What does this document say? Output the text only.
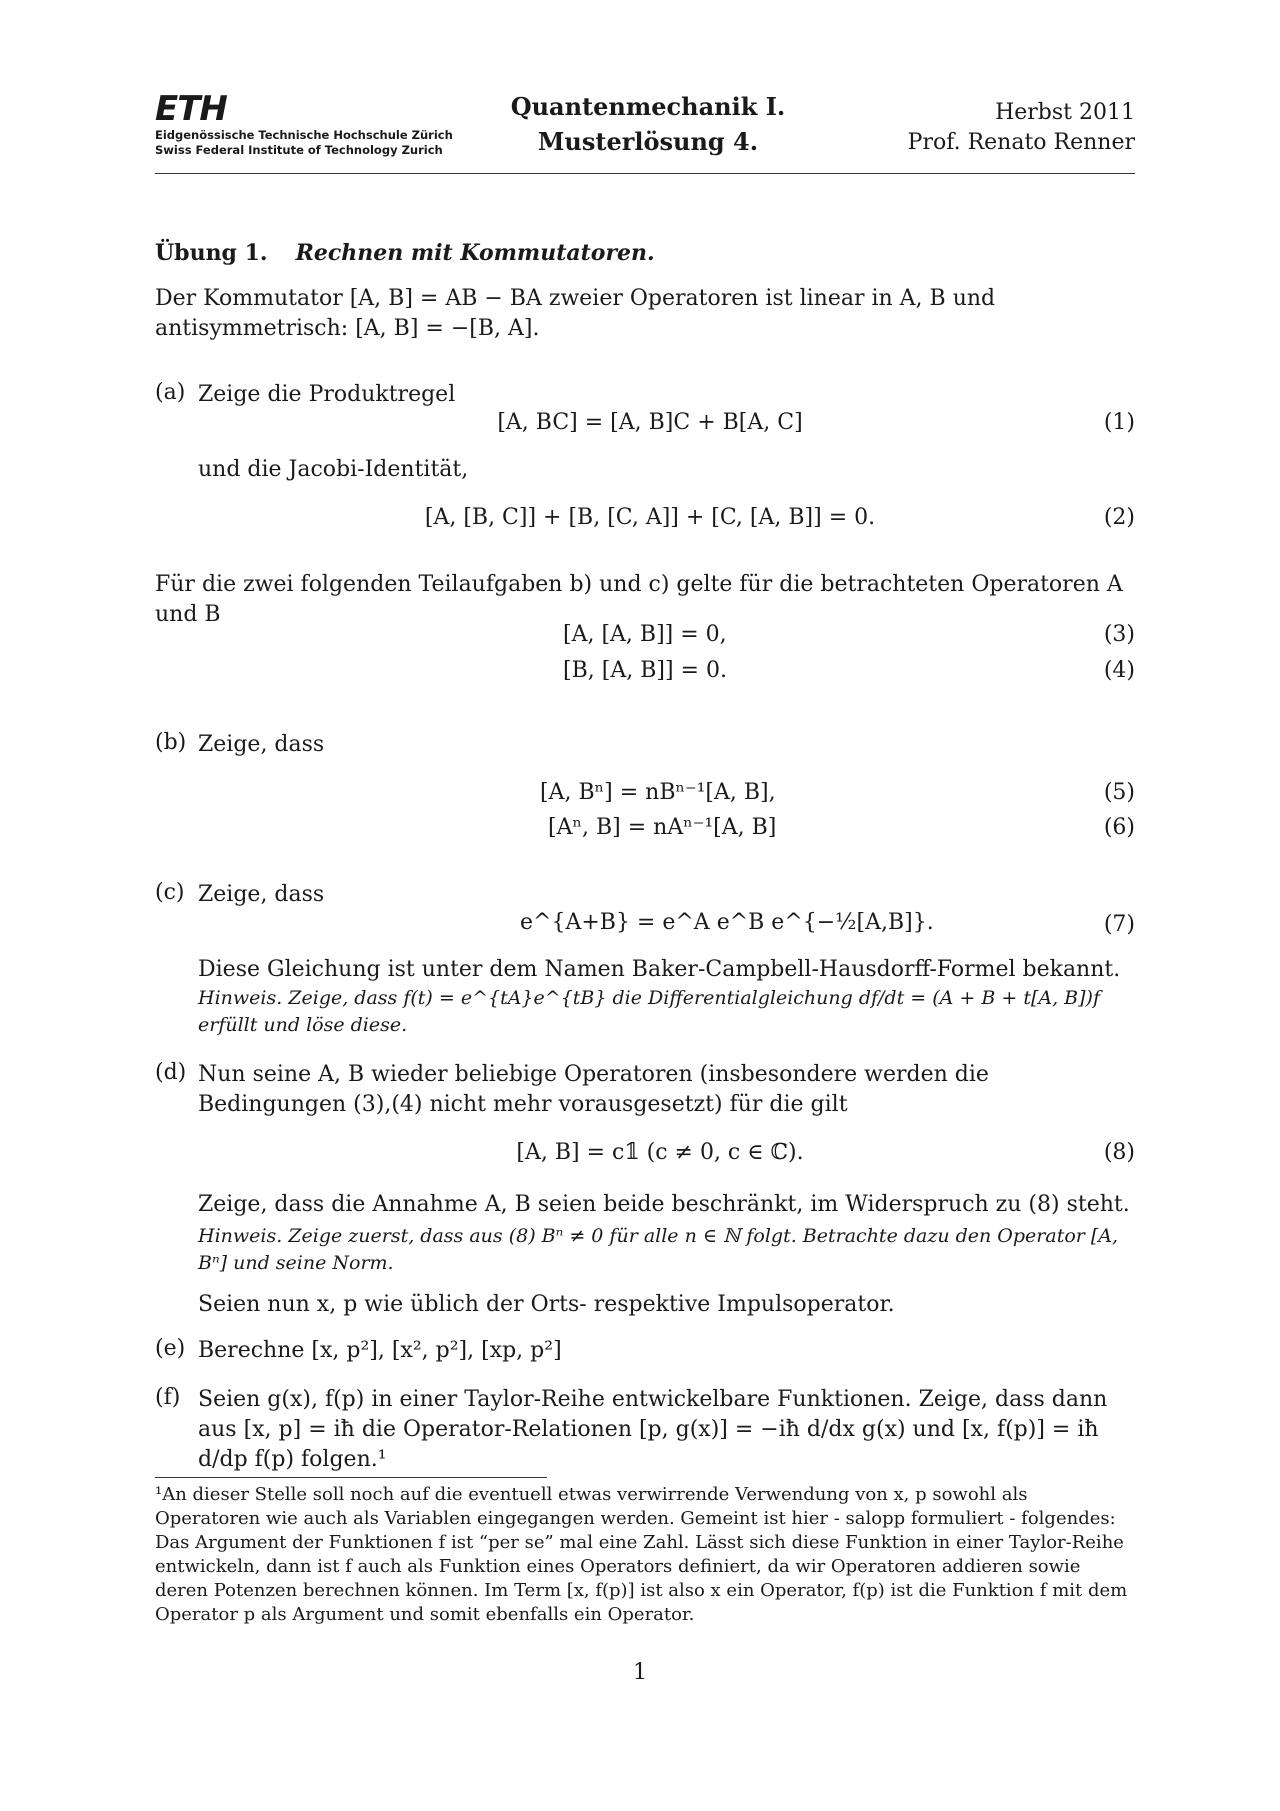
ETH
Eidgenössische Technische Hochschule Zürich
Swiss Federal Institute of Technology Zurich
Quantenmechanik I.
Musterlösung 4.
Herbst 2011
Prof. Renato Renner
Übung 1. Rechnen mit Kommutatoren.
Der Kommutator [A, B] = AB − BA zweier Operatoren ist linear in A, B und antisymmetrisch: [A, B] = −[B, A].
(a) Zeige die Produktregel
[A, BC] = [A, B]C + B[A, C]	(1)
und die Jacobi-Identität,
[A, [B, C]] + [B, [C, A]] + [C, [A, B]] = 0.	(2)
Für die zwei folgenden Teilaufgaben b) und c) gelte für die betrachteten Operatoren A und B
[A, [A, B]] = 0,	(3)
[B, [A, B]] = 0.	(4)
(b) Zeige, dass
[A, Bⁿ] = nBⁿ⁻¹[A, B],	(5)
[Aⁿ, B] = nAⁿ⁻¹[A, B]	(6)
(c) Zeige, dass
e^{A+B} = e^A e^B e^{−½[A,B]}.	(7)
Diese Gleichung ist unter dem Namen Baker-Campbell-Hausdorff-Formel bekannt.
Hinweis. Zeige, dass f(t) = e^{tA}e^{tB} die Differentialgleichung df/dt = (A + B + t[A, B])f erfüllt und löse diese.
(d) Nun seine A, B wieder beliebige Operatoren (insbesondere werden die Bedingungen (3),(4) nicht mehr vorausgesetzt) für die gilt
[A, B] = c𝟙 (c ≠ 0, c ∈ ℂ).	(8)
Zeige, dass die Annahme A, B seien beide beschränkt, im Widerspruch zu (8) steht.
Hinweis. Zeige zuerst, dass aus (8) Bⁿ ≠ 0 für alle n ∈ ℕ folgt. Betrachte dazu den Operator [A, Bⁿ] und seine Norm.
Seien nun x, p wie üblich der Orts- respektive Impulsoperator.
(e) Berechne [x, p²], [x², p²], [xp, p²]
(f) Seien g(x), f(p) in einer Taylor-Reihe entwickelbare Funktionen. Zeige, dass dann aus [x, p] = iħ die Operator-Relationen [p, g(x)] = −iħ d/dx g(x) und [x, f(p)] = iħ d/dp f(p) folgen.¹
¹An dieser Stelle soll noch auf die eventuell etwas verwirrende Verwendung von x, p sowohl als Operatoren wie auch als Variablen eingegangen werden. Gemeint ist hier - salopp formuliert - folgendes: Das Argument der Funktionen f ist “per se” mal eine Zahl. Lässt sich diese Funktion in einer Taylor-Reihe entwickeln, dann ist f auch als Funktion eines Operators definiert, da wir Operatoren addieren sowie deren Potenzen berechnen können. Im Term [x, f(p)] ist also x ein Operator, f(p) ist die Funktion f mit dem Operator p als Argument und somit ebenfalls ein Operator.
1
